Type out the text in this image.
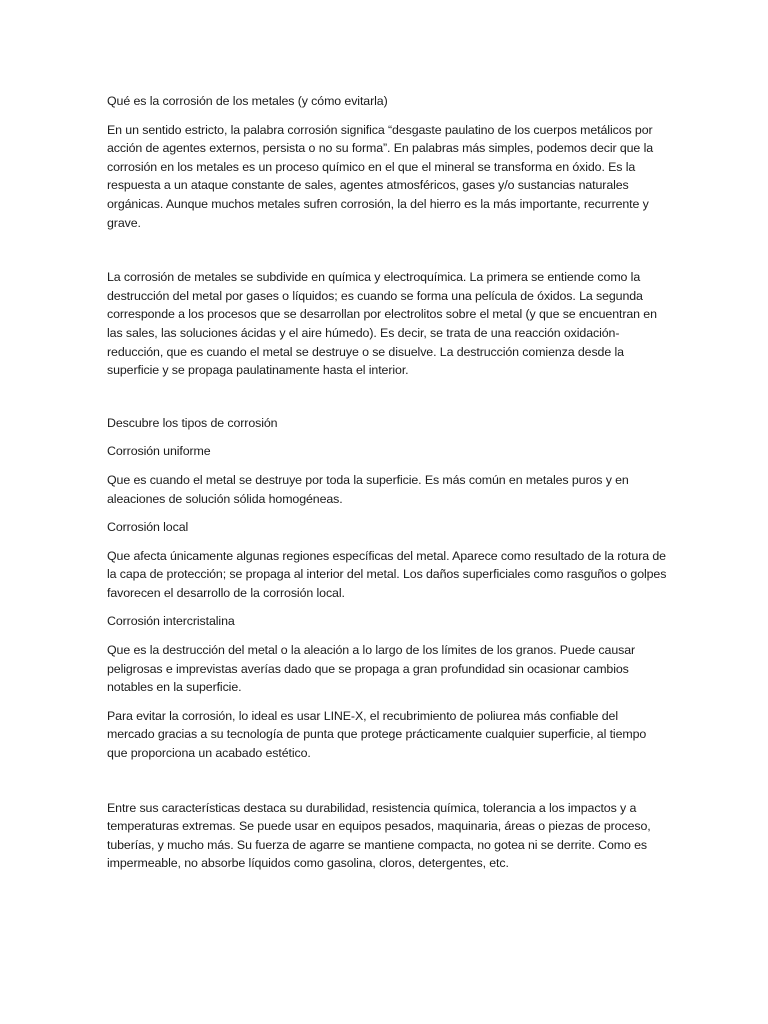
Qué es la corrosión de los metales (y cómo evitarla)

En un sentido estricto, la palabra corrosión significa “desgaste paulatino de los cuerpos metálicos por acción de agentes externos, persista o no su forma”. En palabras más simples, podemos decir que la corrosión en los metales es un proceso químico en el que el mineral se transforma en óxido. Es la respuesta a un ataque constante de sales, agentes atmosféricos, gases y/o sustancias naturales orgánicas. Aunque muchos metales sufren corrosión, la del hierro es la más importante, recurrente y grave.

La corrosión de metales se subdivide en química y electroquímica. La primera se entiende como la destrucción del metal por gases o líquidos; es cuando se forma una película de óxidos. La segunda corresponde a los procesos que se desarrollan por electrolitos sobre el metal (y que se encuentran en las sales, las soluciones ácidas y el aire húmedo). Es decir, se trata de una reacción oxidación-reducción, que es cuando el metal se destruye o se disuelve. La destrucción comienza desde la superficie y se propaga paulatinamente hasta el interior.

Descubre los tipos de corrosión

Corrosión uniforme

Que es cuando el metal se destruye por toda la superficie. Es más común en metales puros y en aleaciones de solución sólida homogéneas.

Corrosión local

Que afecta únicamente algunas regiones específicas del metal. Aparece como resultado de la rotura de la capa de protección; se propaga al interior del metal. Los daños superficiales como rasguños o golpes favorecen el desarrollo de la corrosión local.

Corrosión intercristalina

Que es la destrucción del metal o la aleación a lo largo de los límites de los granos. Puede causar peligrosas e imprevistas averías dado que se propaga a gran profundidad sin ocasionar cambios notables en la superficie.

Para evitar la corrosión, lo ideal es usar LINE-X, el recubrimiento de poliurea más confiable del mercado gracias a su tecnología de punta que protege prácticamente cualquier superficie, al tiempo que proporciona un acabado estético.

Entre sus características destaca su durabilidad, resistencia química, tolerancia a los impactos y a temperaturas extremas. Se puede usar en equipos pesados, maquinaria, áreas o piezas de proceso, tuberías, y mucho más. Su fuerza de agarre se mantiene compacta, no gotea ni se derrite. Como es impermeable, no absorbe líquidos como gasolina, cloros, detergentes, etc.
